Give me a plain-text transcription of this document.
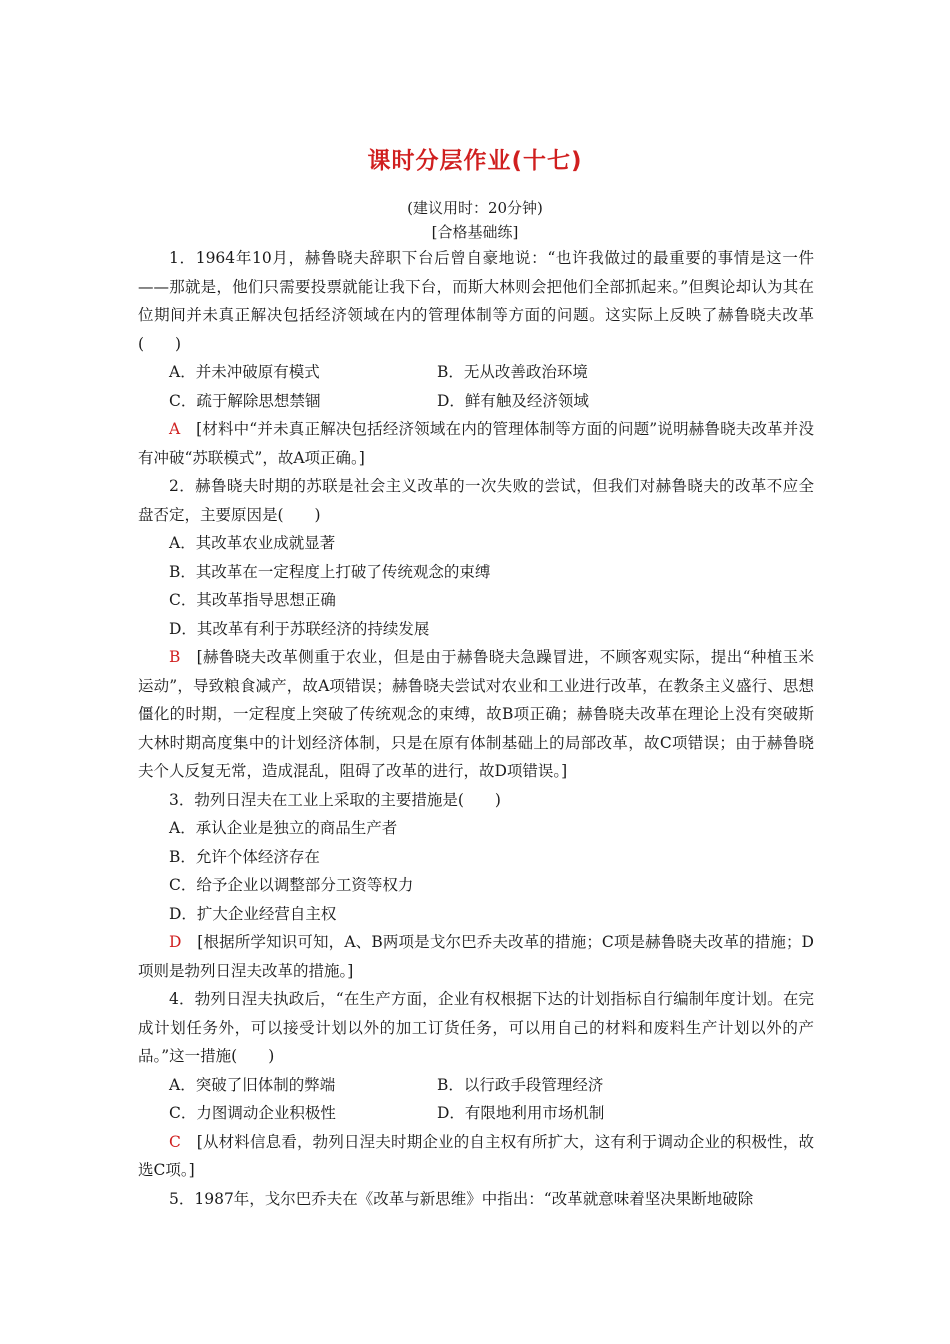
课时分层作业(十七)
(建议用时：20分钟)
[合格基础练]

1．1964年10月，赫鲁晓夫辞职下台后曾自豪地说：“也许我做过的最重要的事情是这一件——那就是，他们只需要投票就能让我下台，而斯大林则会把他们全部抓起来。”但舆论却认为其在位期间并未真正解决包括经济领域在内的管理体制等方面的问题。这实际上反映了赫鲁晓夫改革(　　)

A．并未冲破原有模式	B．无从改善政治环境
C．疏于解除思想禁锢	D．鲜有触及经济领域

A　 [材料中“并未真正解决包括经济领域在内的管理体制等方面的问题”说明赫鲁晓夫改革并没有冲破“苏联模式”，故A项正确。]

2．赫鲁晓夫时期的苏联是社会主义改革的一次失败的尝试，但我们对赫鲁晓夫的改革不应全盘否定，主要原因是(　　)

A．其改革农业成就显著

B．其改革在一定程度上打破了传统观念的束缚

C．其改革指导思想正确

D．其改革有利于苏联经济的持续发展

B　 [赫鲁晓夫改革侧重于农业，但是由于赫鲁晓夫急躁冒进，不顾客观实际，提出“种植玉米运动”，导致粮食减产，故A项错误；赫鲁晓夫尝试对农业和工业进行改革，在教条主义盛行、思想僵化的时期，一定程度上突破了传统观念的束缚，故B项正确；赫鲁晓夫改革在理论上没有突破斯大林时期高度集中的计划经济体制，只是在原有体制基础上的局部改革，故C项错误；由于赫鲁晓夫个人反复无常，造成混乱，阻碍了改革的进行，故D项错误。]

3．勃列日涅夫在工业上采取的主要措施是(　　)

A．承认企业是独立的商品生产者

B．允许个体经济存在

C．给予企业以调整部分工资等权力

D．扩大企业经营自主权

D　 [根据所学知识可知，A、B两项是戈尔巴乔夫改革的措施；C项是赫鲁晓夫改革的措施；D项则是勃列日涅夫改革的措施。]

4．勃列日涅夫执政后，“在生产方面，企业有权根据下达的计划指标自行编制年度计划。在完成计划任务外，可以接受计划以外的加工订货任务，可以用自己的材料和废料生产计划以外的产品。”这一措施(　　)

A．突破了旧体制的弊端	B．以行政手段管理经济
C．力图调动企业积极性	D．有限地利用市场机制

C　 [从材料信息看，勃列日涅夫时期企业的自主权有所扩大，这有利于调动企业的积极性，故选C项。]

5．1987年，戈尔巴乔夫在《改革与新思维》中指出：“改革就意味着坚决果断地破除
